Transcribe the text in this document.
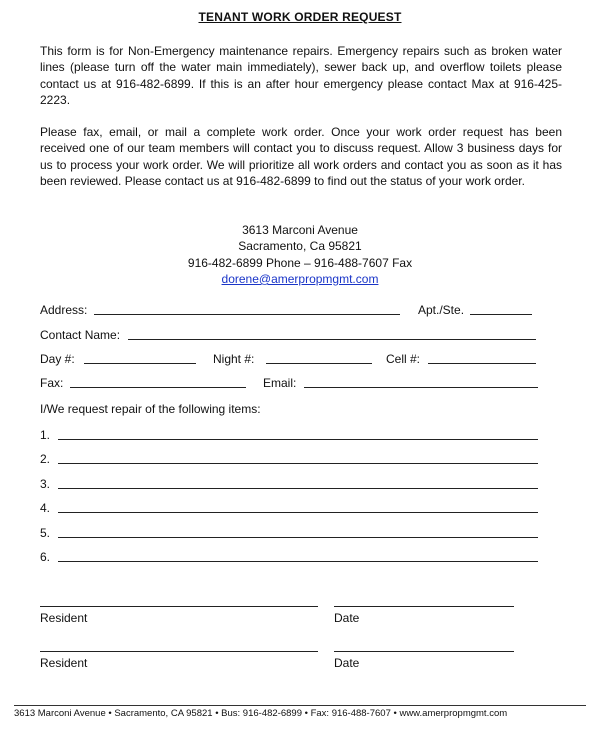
TENANT WORK ORDER REQUEST

This form is for Non-Emergency maintenance repairs. Emergency repairs such as broken water lines (please turn off the water main immediately), sewer back up, and overflow toilets please contact us at 916-482-6899. If this is an after hour emergency please contact Max at 916-425-2223.

Please fax, email, or mail a complete work order. Once your work order request has been received one of our team members will contact you to discuss request. Allow 3 business days for us to process your work order. We will prioritize all work orders and contact you as soon as it has been reviewed. Please contact us at 916-482-6899 to find out the status of your work order.

3613 Marconi Avenue
Sacramento, Ca 95821
916-482-6899 Phone – 916-488-7607 Fax
dorene@amerpropmgmt.com
Address:	Apt./Ste.
Contact Name:
Day #:	Night #:	Cell #:
Fax:	Email:
I/We request repair of the following items:
1.
2.
3.
4.
5.
6.
Resident	Date
Resident	Date
3613 Marconi Avenue • Sacramento, CA 95821 • Bus: 916-482-6899 • Fax: 916-488-7607 • www.amerpropmgmt.com
